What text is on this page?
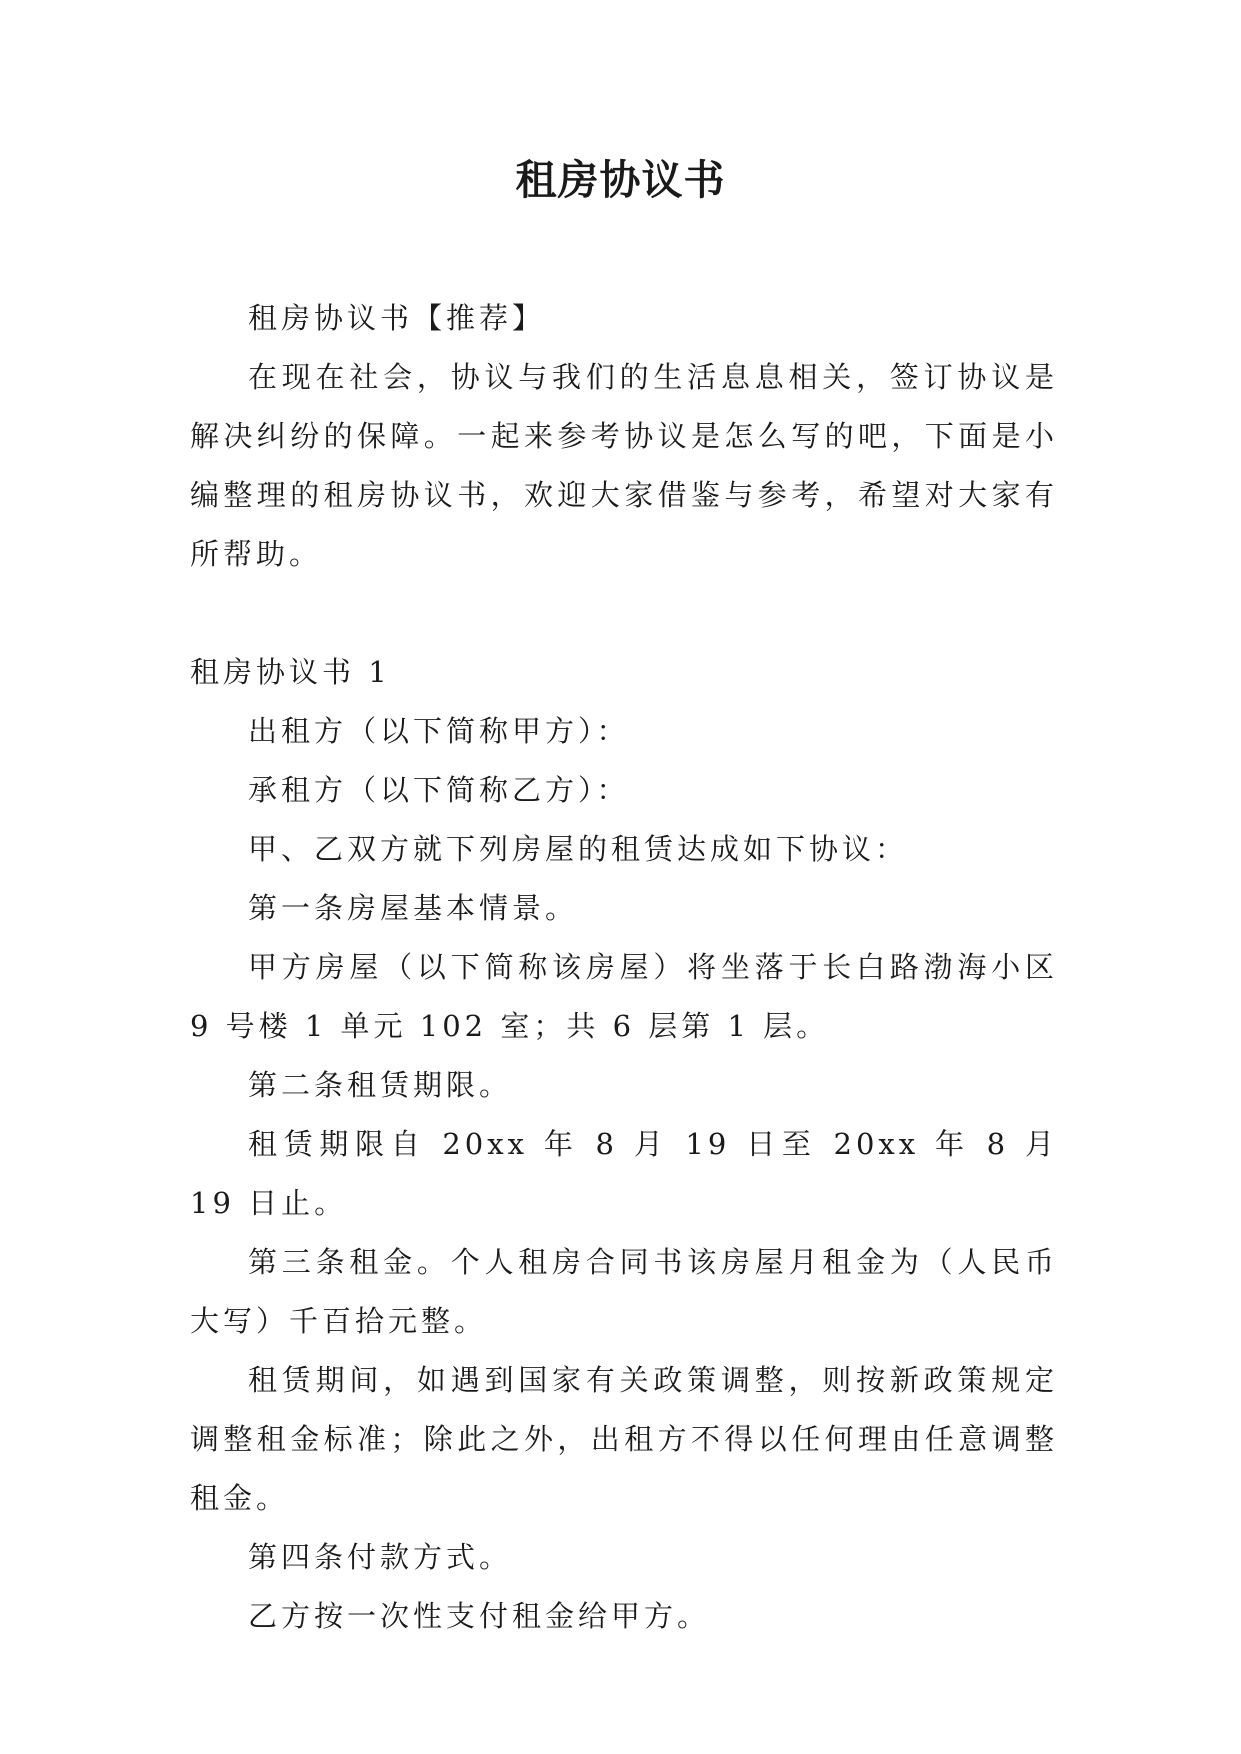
租房协议书

租房协议书【推荐】

在现在社会，协议与我们的生活息息相关，签订协议是解决纠纷的保障。一起来参考协议是怎么写的吧，下面是小编整理的租房协议书，欢迎大家借鉴与参考，希望对大家有所帮助。

租房协议书 1

出租方（以下简称甲方）：

承租方（以下简称乙方）：

甲、乙双方就下列房屋的租赁达成如下协议：

第一条房屋基本情景。

甲方房屋（以下简称该房屋）将坐落于长白路渤海小区 9 号楼 1 单元 102 室；共 6 层第 1 层。

第二条租赁期限。

租赁期限自 20xx 年 8 月 19 日至 20xx 年 8 月 19 日止。

第三条租金。个人租房合同书该房屋月租金为（人民币大写）千百拾元整。

租赁期间，如遇到国家有关政策调整，则按新政策规定调整租金标准；除此之外，出租方不得以任何理由任意调整租金。

第四条付款方式。

乙方按一次性支付租金给甲方。
